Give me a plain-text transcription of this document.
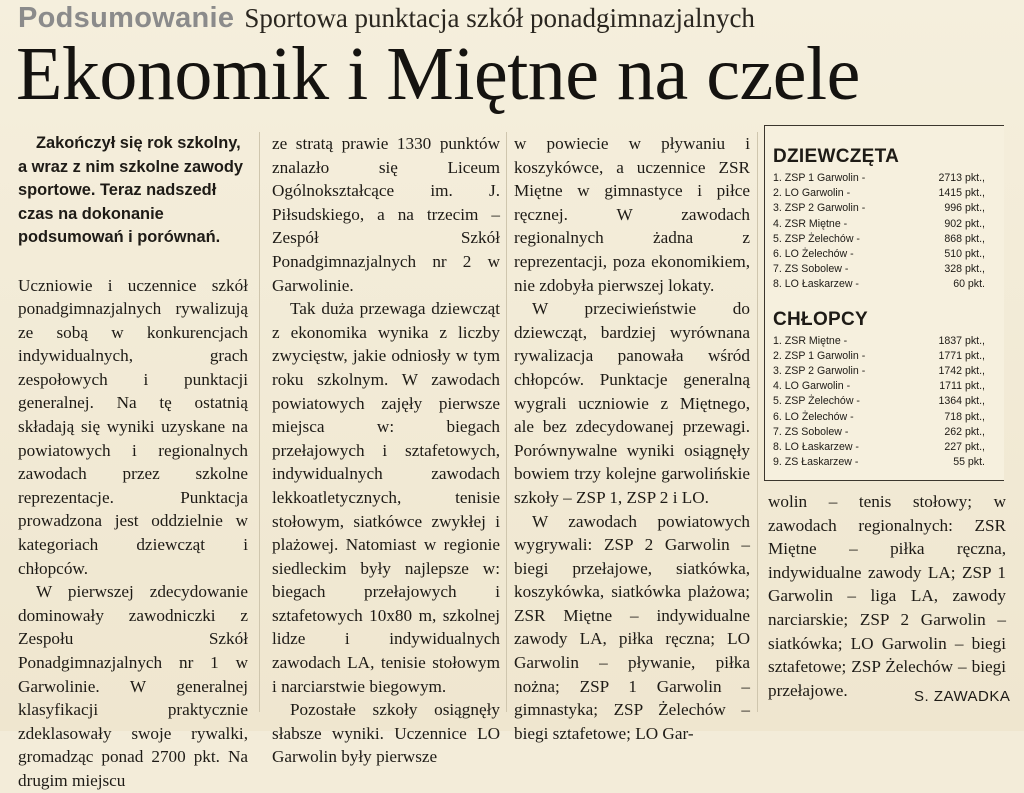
Podsumowanie Sportowa punktacja szkół ponadgimnazjalnych
Ekonomik i Miętne na czele

Zakończył się rok szkolny, a wraz z nim szkolne zawody sportowe. Teraz nadszedł czas na dokonanie podsumowań i porównań.

Uczniowie i uczennice szkół ponadgimnazjalnych rywalizują ze sobą w konkurencjach indywidualnych, grach zespołowych i punktacji generalnej. Na tę ostatnią składają się wyniki uzyskane na powiatowych i regionalnych zawodach przez szkolne reprezentacje. Punktacja prowadzona jest oddzielnie w kategoriach dziewcząt i chłopców.

W pierwszej zdecydowanie dominowały zawodniczki z Zespołu Szkół Ponadgimnazjalnych nr 1 w Garwolinie. W generalnej klasyfikacji praktycznie zdeklasowały swoje rywalki, gromadząc ponad 2700 pkt. Na drugim miejscu

ze stratą prawie 1330 punktów znalazło się Liceum Ogólnokształcące im. J. Piłsudskiego, a na trzecim – Zespół Szkół Ponadgimnazjalnych nr 2 w Garwolinie.

Tak duża przewaga dziewcząt z ekonomika wynika z liczby zwycięstw, jakie odniosły w tym roku szkolnym. W zawodach powiatowych zajęły pierwsze miejsca w: biegach przełajowych i sztafetowych, indywidualnych zawodach lekkoatletycznych, tenisie stołowym, siatkówce zwykłej i plażowej. Natomiast w regionie siedleckim były najlepsze w: biegach przełajowych i sztafetowych 10x80 m, szkolnej lidze i indywidualnych zawodach LA, tenisie stołowym i narciarstwie biegowym.

Pozostałe szkoły osiągnęły słabsze wyniki. Uczennice LO Garwolin były pierwsze

w powiecie w pływaniu i koszykówce, a uczennice ZSR Miętne w gimnastyce i piłce ręcznej. W zawodach regionalnych żadna z reprezentacji, poza ekonomikiem, nie zdobyła pierwszej lokaty.

W przeciwieństwie do dziewcząt, bardziej wyrównana rywalizacja panowała wśród chłopców. Punktacje generalną wygrali uczniowie z Miętnego, ale bez zdecydowanej przewagi. Porównywalne wyniki osiągnęły bowiem trzy kolejne garwolińskie szkoły – ZSP 1, ZSP 2 i LO.

W zawodach powiatowych wygrywali: ZSP 2 Garwolin – biegi przełajowe, siatkówka, koszykówka, siatkówka plażowa; ZSR Miętne – indywidualne zawody LA, piłka ręczna; LO Garwolin – pływanie, piłka nożna; ZSP 1 Garwolin – gimnastyka; ZSP Żelechów – biegi sztafetowe; LO Gar-

DZIEWCZĘTA
1. ZSP 1 Garwolin -	2713 pkt.,
2. LO Garwolin -	1415 pkt.,
3. ZSP 2 Garwolin -	996 pkt.,
4. ZSR Miętne -	902 pkt.,
5. ZSP Żelechów -	868 pkt.,
6. LO Żelechów -	510 pkt.,
7. ZS Sobolew -	328 pkt.,
8. LO Łaskarzew -	60 pkt.
CHŁOPCY
1. ZSR Miętne -	1837 pkt.,
2. ZSP 1 Garwolin -	1771 pkt.,
3. ZSP 2 Garwolin -	1742 pkt.,
4. LO Garwolin -	1711 pkt.,
5. ZSP Żelechów -	1364 pkt.,
6. LO Żelechów -	718 pkt.,
7. ZS Sobolew -	262 pkt.,
8. LO Łaskarzew -	227 pkt.,
9. ZS Łaskarzew -	55 pkt.

wolin – tenis stołowy; w zawodach regionalnych: ZSR Miętne – piłka ręczna, indywidualne zawody LA; ZSP 1 Garwolin – liga LA, zawody narciarskie; ZSP 2 Garwolin – siatkówka; LO Garwolin – biegi sztafetowe; ZSP Żelechów – biegi przełajowe.	S. ZAWADKA
